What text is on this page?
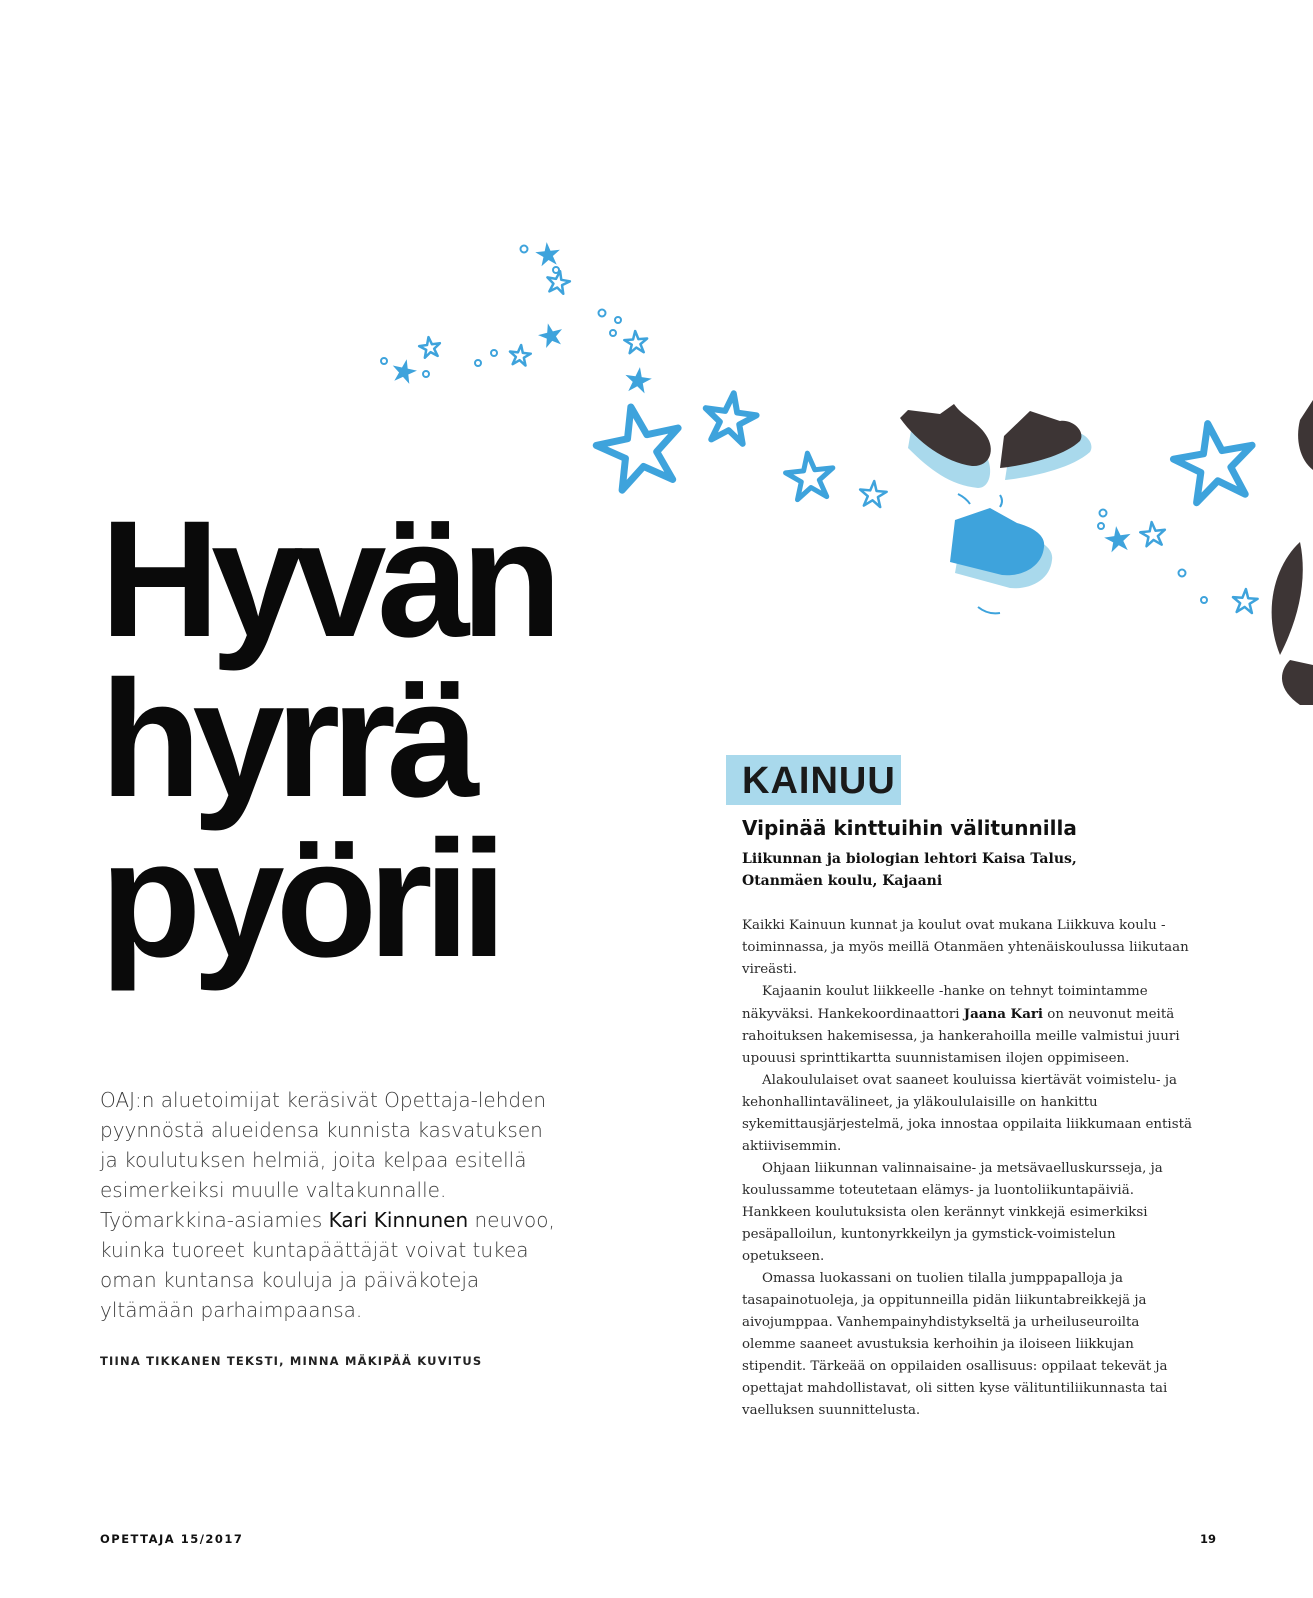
Hyvän
hyrrä
pyörii

OAJ:n aluetoimijat keräsivät Opettaja-lehden pyynnöstä alueidensa kunnista kasvatuksen ja koulutuksen helmiä, joita kelpaa esitellä esimerkeiksi muulle valtakunnalle. Työmarkkina-asiamies Kari Kinnunen neuvoo, kuinka tuoreet kuntapäättäjät voivat tukea oman kuntansa kouluja ja päiväkoteja yltämään parhaimpaansa.

TIINA TIKKANEN TEKSTI, MINNA MÄKIPÄÄ KUVITUS

KAINUU

Vipinää kinttuihin välitunnilla

Liikunnan ja biologian lehtori Kaisa Talus,
Otanmäen koulu, Kajaani

Kaikki Kainuun kunnat ja koulut ovat mukana Liikkuva koulu -toiminnassa, ja myös meillä Otanmäen yhtenäiskoulussa liikutaan vireästi.

Kajaanin koulut liikkeelle -hanke on tehnyt toimintamme näkyväksi. Hankekoordinaattori Jaana Kari on neuvonut meitä rahoituksen hakemisessa, ja hankerahoilla meille valmistui juuri upouusi sprinttikartta suunnistamisen ilojen oppimiseen.

Alakoululaiset ovat saaneet kouluissa kiertävät voimistelu- ja kehonhallintavälineet, ja yläkoululaisille on hankittu sykemittausjärjestelmä, joka innostaa oppilaita liikkumaan entistä aktiivisemmin.

Ohjaan liikunnan valinnaisaine- ja metsävaelluskursseja, ja koulussamme toteutetaan elämys- ja luontoliikuntapäiviä. Hankkeen koulutuksista olen kerännyt vinkkejä esimerkiksi pesäpalloilun, kuntonyrkkeilyn ja gymstick-voimistelun opetukseen.

Omassa luokassani on tuolien tilalla jumppapalloja ja tasapainotuoleja, ja oppitunneilla pidän liikuntabreikkejä ja aivojumppaa. Vanhempainyhdistykseltä ja urheiluseuroilta olemme saaneet avustuksia kerhoihin ja iloiseen liikkujan stipendit. Tärkeää on oppilaiden osallisuus: oppilaat tekevät ja opettajat mahdollistavat, oli sitten kyse välituntiliikunnasta tai vaelluksen suunnittelusta.

OPETTAJA 15/2017	19
